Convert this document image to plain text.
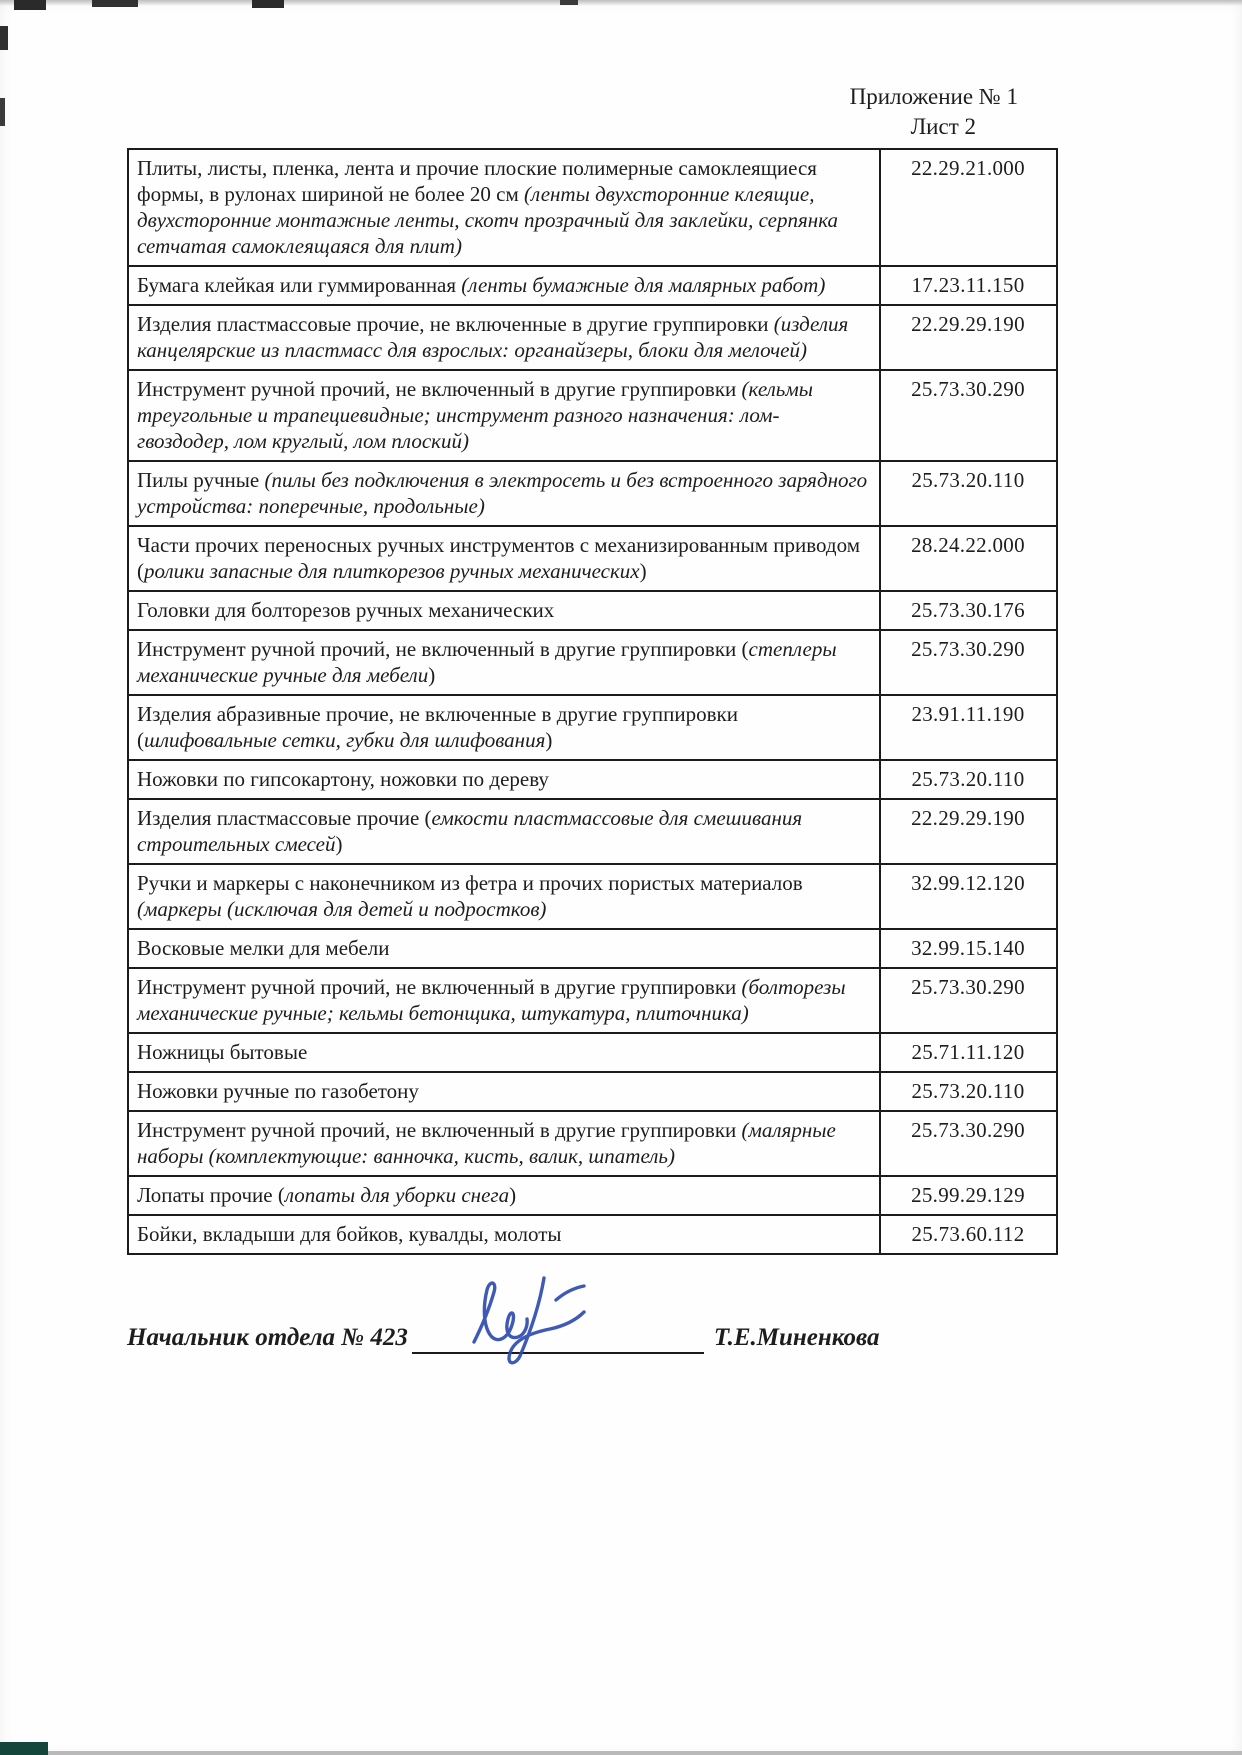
Приложение № 1
Лист 2
Плиты, листы, пленка, лента и прочие плоские полимерные самоклеящиеся формы, в рулонах шириной не более 20 см (ленты двухсторонние клеящие, двухсторонние монтажные ленты, скотч прозрачный для заклейки, серпянка сетчатая самоклеящаяся для плит)	22.29.21.000
Бумага клейкая или гуммированная (ленты бумажные для малярных работ)	17.23.11.150
Изделия пластмассовые прочие, не включенные в другие группировки (изделия канцелярские из пластмасс для взрослых: органайзеры, блоки для мелочей)	22.29.29.190
Инструмент ручной прочий, не включенный в другие группировки (кельмы треугольные и трапециевидные; инструмент разного назначения: лом-гвоздодер, лом круглый, лом плоский)	25.73.30.290
Пилы ручные (пилы без подключения в электросеть и без встроенного зарядного устройства: поперечные, продольные)	25.73.20.110
Части прочих переносных ручных инструментов с механизированным приводом (ролики запасные для плиткорезов ручных механических)	28.24.22.000
Головки для болторезов ручных механических	25.73.30.176
Инструмент ручной прочий, не включенный в другие группировки (степлеры механические ручные для мебели)	25.73.30.290
Изделия абразивные прочие, не включенные в другие группировки (шлифовальные сетки, губки для шлифования)	23.91.11.190
Ножовки по гипсокартону, ножовки по дереву	25.73.20.110
Изделия пластмассовые прочие (емкости пластмассовые для смешивания строительных смесей)	22.29.29.190
Ручки и маркеры с наконечником из фетра и прочих пористых материалов (маркеры (исключая для детей и подростков)	32.99.12.120
Восковые мелки для мебели	32.99.15.140
Инструмент ручной прочий, не включенный в другие группировки (болторезы механические ручные; кельмы бетонщика, штукатура, плиточника)	25.73.30.290
Ножницы бытовые	25.71.11.120
Ножовки ручные по газобетону	25.73.20.110
Инструмент ручной прочий, не включенный в другие группировки (малярные наборы (комплектующие: ванночка, кисть, валик, шпатель)	25.73.30.290
Лопаты прочие (лопаты для уборки снега)	25.99.29.129
Бойки, вкладыши для бойков, кувалды, молоты	25.73.60.112
Начальник отдела № 423	Т.Е.Миненкова
